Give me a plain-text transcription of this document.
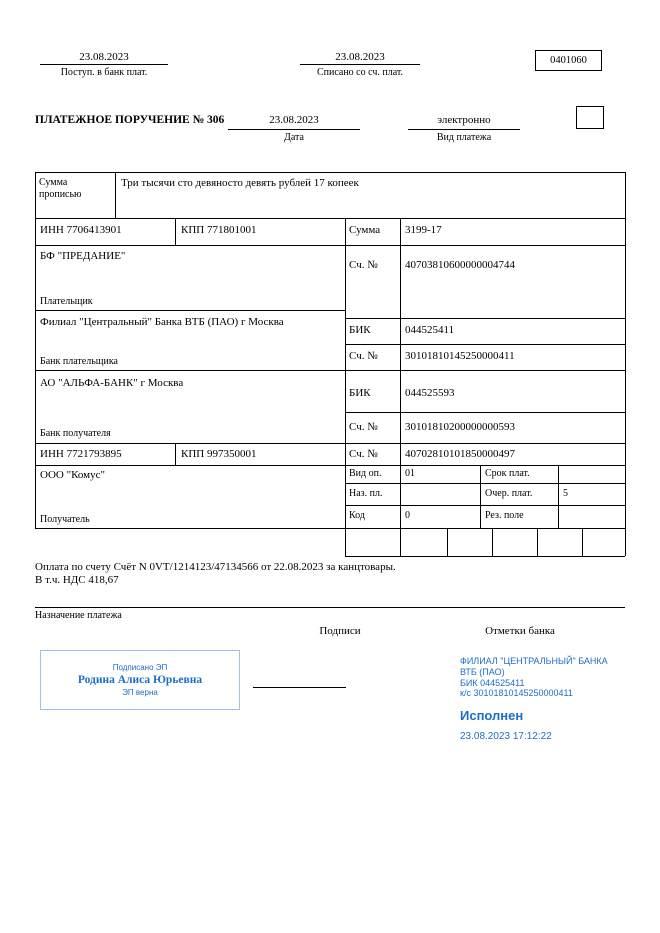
23.08.2023
Поступ. в банк плат.
23.08.2023
Списано со сч. плат.
0401060
ПЛАТЕЖНОЕ ПОРУЧЕНИЕ № 306	23.08.2023
Дата
электронно
Вид платежа
Сумма прописью
Три тысячи сто девяносто девять рублей 17 копеек
ИНН 7706413901	КПП 771801001	Сумма 3199-17
БФ "ПРЕДАНИЕ"
Сч. № 40703810600000004744
Плательщик
Филиал "Центральный" Банка ВТБ (ПАО) г Москва
БИК	044525411
Сч. № 30101810145250000411
Банк плательщика
АО "АЛЬФА-БАНК" г Москва
БИК	044525593
Сч. № 30101810200000000593
Банк получателя
ИНН 7721793895	КПП 997350001	Сч. № 40702810101850000497
ООО "Комус"	Вид оп. 01	Срок плат.
Наз. пл.	Очер. плат.	5
Код	0	Рез. поле
Получатель
Оплата по счету Счёт N 0VT/1214123/47134566 от 22.08.2023 за канцтовары.
В т.ч. НДС 418,67
Назначение платежа
Подписи	Отметки банка
Подписано ЭП
Родина Алиса Юрьевна
ЭП верна
ФИЛИАЛ "ЦЕНТРАЛЬНЫЙ" БАНКА
ВТБ (ПАО)
БИК 044525411
к/с 30101810145250000411
Исполнен
23.08.2023 17:12:22
